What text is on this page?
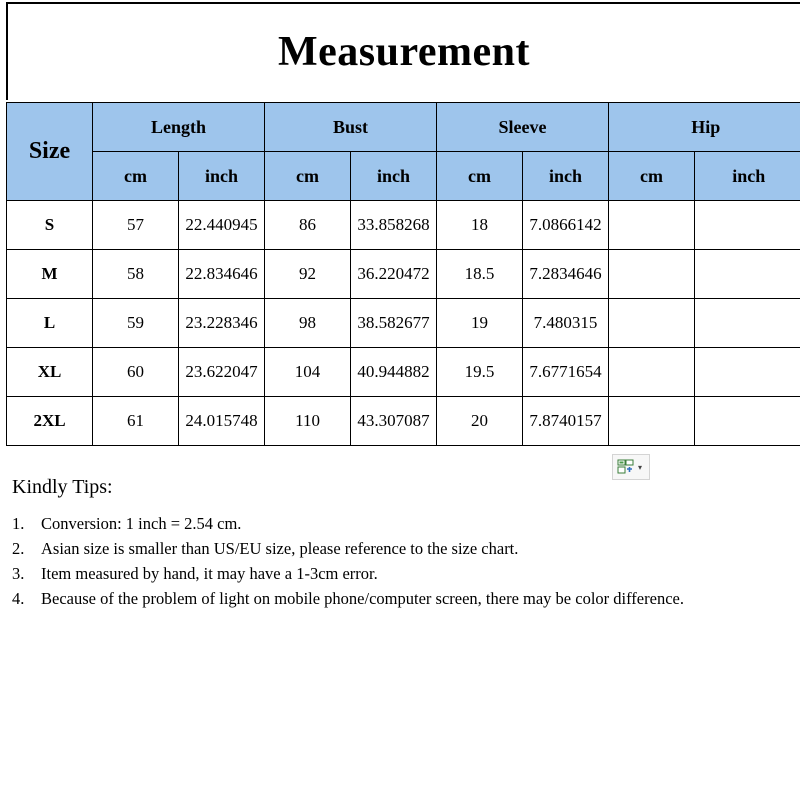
Measurement
Size	Length		Bust		Sleeve		Hip	
	cm	inch	cm	inch	cm	inch	cm	inch
S	57	22.440945	86	33.858268	18	7.0866142		
M	58	22.834646	92	36.220472	18.5	7.2834646		
L	59	23.228346	98	38.582677	19	7.480315		
XL	60	23.622047	104	40.944882	19.5	7.6771654		
2XL	61	24.015748	110	43.307087	20	7.8740157		
▾
Kindly Tips:
1.	Conversion: 1 inch = 2.54 cm.
2.	Asian size is smaller than US/EU size, please reference to the size chart.
3.	Item measured by hand, it may have a 1-3cm error.
4.	Because of the problem of light on mobile phone/computer screen, there may be color difference.
